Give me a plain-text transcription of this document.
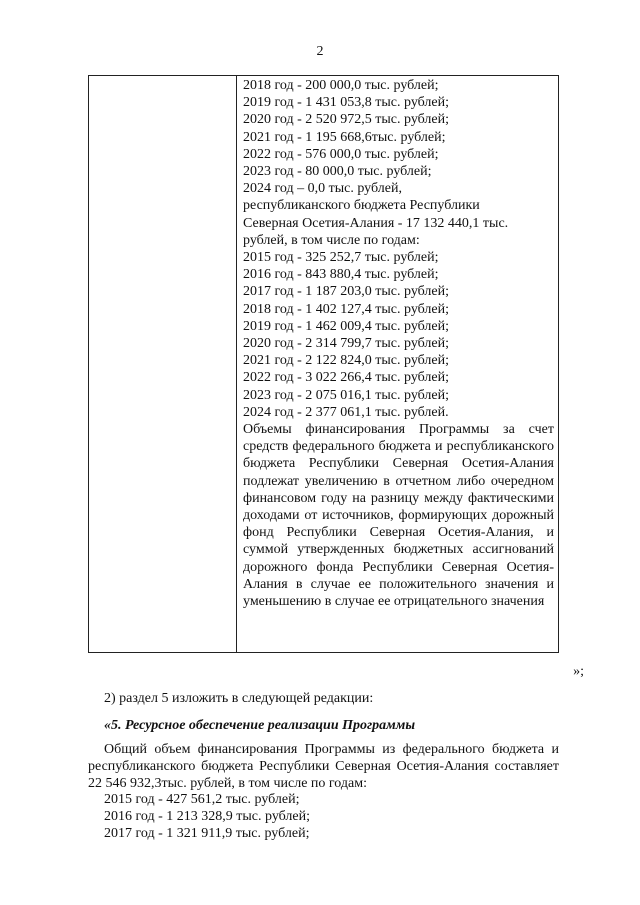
2
2018 год - 200 000,0 тыс. рублей;
2019 год - 1 431 053,8 тыс. рублей;
2020 год - 2 520 972,5 тыс. рублей;
2021 год - 1 195 668,6тыс. рублей;
2022 год - 576 000,0 тыс. рублей;
2023 год - 80 000,0 тыс. рублей;
2024 год – 0,0 тыс. рублей,
республиканского бюджета Республики
Северная Осетия-Алания - 17 132 440,1 тыс.
рублей, в том числе по годам:
2015 год - 325 252,7 тыс. рублей;
2016 год - 843 880,4 тыс. рублей;
2017 год - 1 187 203,0 тыс. рублей;
2018 год - 1 402 127,4 тыс. рублей;
2019 год - 1 462 009,4 тыс. рублей;
2020 год - 2 314 799,7 тыс. рублей;
2021 год - 2 122 824,0 тыс. рублей;
2022 год - 3 022 266,4 тыс. рублей;
2023 год - 2 075 016,1 тыс. рублей;
2024 год - 2 377 061,1 тыс. рублей.

Объемы финансирования Программы за счет средств федерального бюджета и республиканского бюджета Республики Северная Осетия-Алания подлежат увеличению в отчетном либо очередном финансовом году на разницу между фактическими доходами от источников, формирующих дорожный фонд Республики Северная Осетия-Алания, и суммой утвержденных бюджетных ассигнований дорожного фонда Республики Северная Осетия-Алания в случае ее положительного значения и уменьшению в случае ее отрицательного значения

»;
2) раздел 5 изложить в следующей редакции:
«5. Ресурсное обеспечение реализации Программы

Общий объем финансирования Программы из федерального бюджета и республиканского бюджета Республики Северная Осетия-Алания составляет 22 546 932,3тыс. рублей, в том числе по годам:

2015 год - 427 561,2 тыс. рублей;
2016 год - 1 213 328,9 тыс. рублей;
2017 год - 1 321 911,9 тыс. рублей;
